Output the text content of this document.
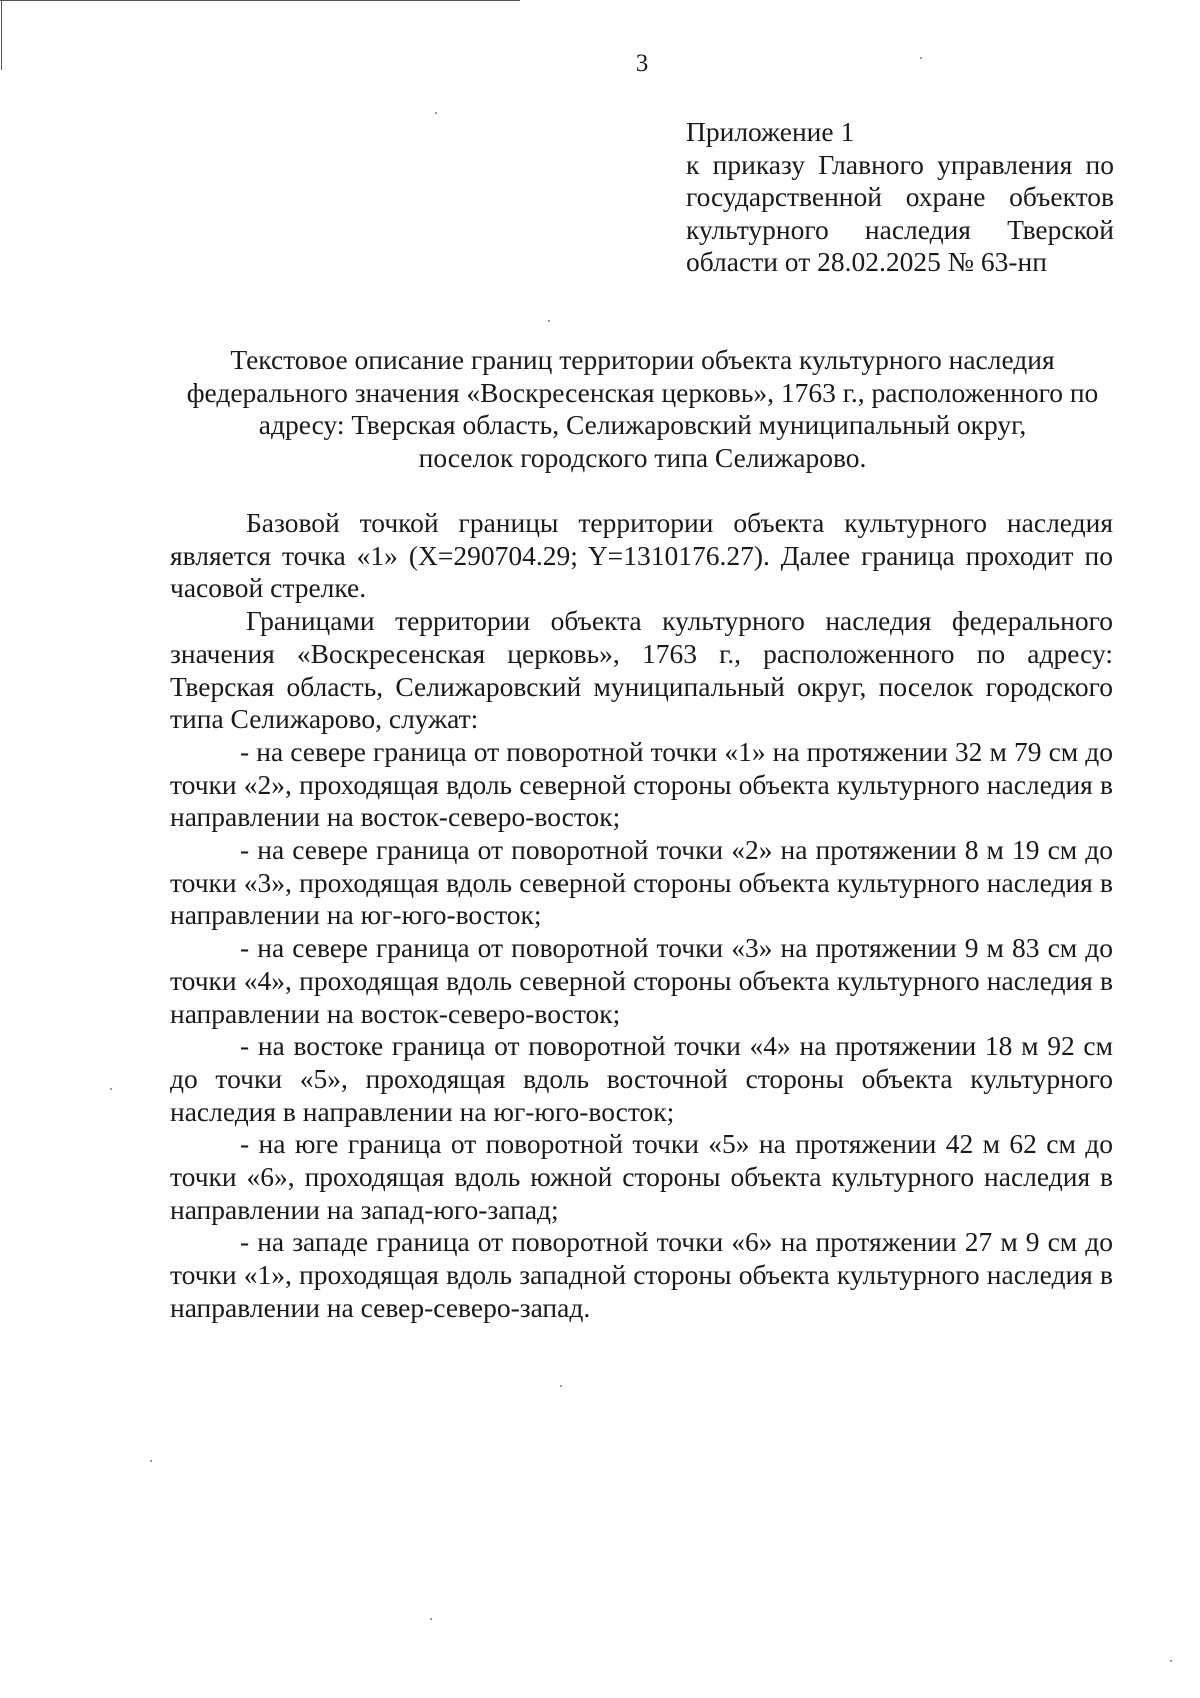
3
Приложение 1
к приказу Главного управления по государственной охране объектов культурного наследия Тверской области от 28.02.2025 № 63-нп
Текстовое описание границ территории объекта культурного наследия
федерального значения «Воскресенская церковь», 1763 г., расположенного по
адресу: Тверская область, Селижаровский муниципальный округ,
поселок городского типа Селижарово.

Базовой точкой границы территории объекта культурного наследия является точка «1» (X=290704.29; Y=1310176.27). Далее граница проходит по часовой стрелке.

Границами территории объекта культурного наследия федерального значения «Воскресенская церковь», 1763 г., расположенного по адресу: Тверская область, Селижаровский муниципальный округ, поселок городского типа Селижарово, служат:

- на севере граница от поворотной точки «1» на протяжении 32 м 79 см до точки «2», проходящая вдоль северной стороны объекта культурного наследия в направлении на восток-северо-восток;

- на севере граница от поворотной точки «2» на протяжении 8 м 19 см до точки «3», проходящая вдоль северной стороны объекта культурного наследия в направлении на юг-юго-восток;

- на севере граница от поворотной точки «3» на протяжении 9 м 83 см до точки «4», проходящая вдоль северной стороны объекта культурного наследия в направлении на восток-северо-восток;

- на востоке граница от поворотной точки «4» на протяжении 18 м 92 см до точки «5», проходящая вдоль восточной стороны объекта культурного наследия в направлении на юг-юго-восток;

- на юге граница от поворотной точки «5» на протяжении 42 м 62 см до точки «6», проходящая вдоль южной стороны объекта культурного наследия в направлении на запад-юго-запад;

- на западе граница от поворотной точки «6» на протяжении 27 м 9 см до точки «1», проходящая вдоль западной стороны объекта культурного наследия в направлении на север-северо-запад.
